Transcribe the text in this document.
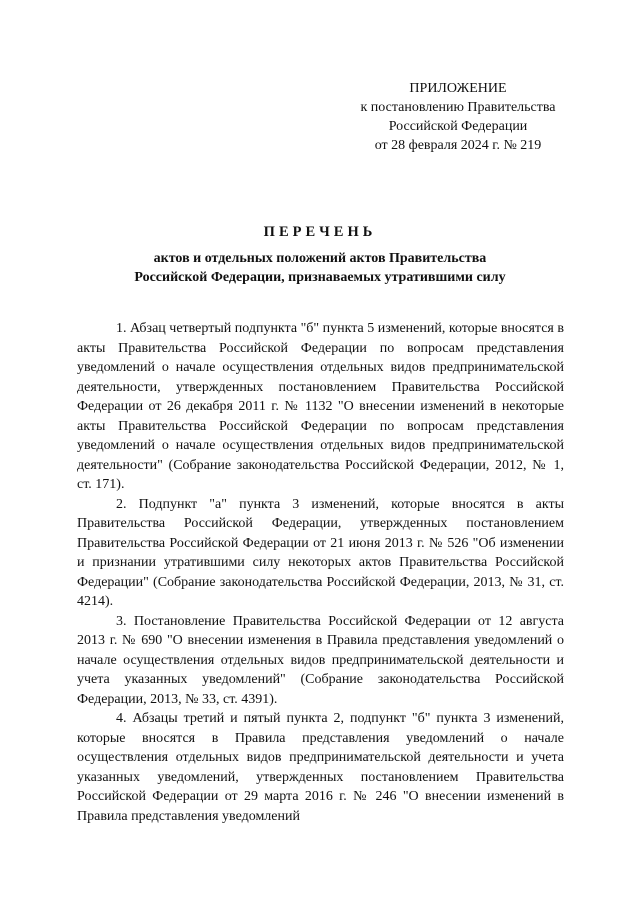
ПРИЛОЖЕНИЕ
к постановлению Правительства
Российской Федерации
от 28 февраля 2024 г. № 219
ПЕРЕЧЕНЬ
актов и отдельных положений актов Правительства
Российской Федерации, признаваемых утратившими силу

1. Абзац четвертый подпункта "б" пункта 5 изменений, которые вносятся в акты Правительства Российской Федерации по вопросам представления уведомлений о начале осуществления отдельных видов предпринимательской деятельности, утвержденных постановлением Правительства Российской Федерации от 26 декабря 2011 г. № 1132 "О внесении изменений в некоторые акты Правительства Российской Федерации по вопросам представления уведомлений о начале осуществления отдельных видов предпринимательской деятельности" (Собрание законодательства Российской Федерации, 2012, № 1, ст. 171).

2. Подпункт "а" пункта 3 изменений, которые вносятся в акты Правительства Российской Федерации, утвержденных постановлением Правительства Российской Федерации от 21 июня 2013 г. № 526 "Об изменении и признании утратившими силу некоторых актов Правительства Российской Федерации" (Собрание законодательства Российской Федерации, 2013, № 31, ст. 4214).

3. Постановление Правительства Российской Федерации от 12 августа 2013 г. № 690 "О внесении изменения в Правила представления уведомлений о начале осуществления отдельных видов предпринимательской деятельности и учета указанных уведомлений" (Собрание законодательства Российской Федерации, 2013, № 33, ст. 4391).

4. Абзацы третий и пятый пункта 2, подпункт "б" пункта 3 изменений, которые вносятся в Правила представления уведомлений о начале осуществления отдельных видов предпринимательской деятельности и учета указанных уведомлений, утвержденных постановлением Правительства Российской Федерации от 29 марта 2016 г. № 246 "О внесении изменений в Правила представления уведомлений
